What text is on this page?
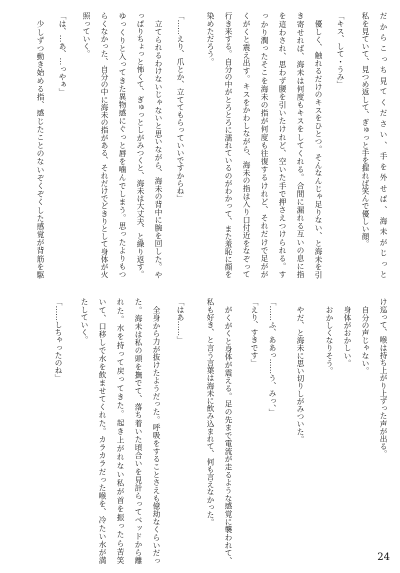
だからこっち見てください、手を外せば、海未がじっと
私を見ていて、見つめ返して、ぎゅっと手を握れば笑んで優しい顔。
「キス、して・うみ」
優しく、触れるだけのキスをひとつ。そんなんじゃ足りない、と海未を引
き寄せれば、海未は何度もキスをしてくれる。合間に漏れる互いの息に指
を這わされ、思わず腰を引いたけれど、空いた手で押さえつけられる。す
っかり潤ったそこを海未の指が何度も往復するけれど、それだけで足がが
くがくと震え出す。キスをかわしながら、海未の指は入り口付近をなぞって
行き来する。自分の中がとろとろに濡れているのがわかって、また羞恥に顔を
染めただろう。
「……えり、爪とか、立ててもらっていいですからね」
立てられるわけないじゃないと思いながら、海未の背中に腕を回した。や
っぱりちょっと怖くて、ぎゅっとしがみつくと、海未は大丈夫、と繰り返す。
ゆっくりと入ってきた異物感にぐっと唇を噛んでしまう。思ったよりもつ
らくなかった、自分の中に海未の指がある、それだけでどきりとして身体が火
照っていく。
「は、…あ、…っやぁ」
少しずつ動き始める指、感じたことのないぞくぞくした感覚が背筋を駆
け巡って、喉は持ち上がり上ずった声が出る。
自分の声じゃない。
身体がおかしい。
おかしくなりそう。
やだ、と海未に思い切りしがみついた。
「……ふ、ああっ……う、みっ、」
「えり、すきです」
がくがくと身体が震える。足の先まで電流が走るような感覚に襲われて、
私も好き、と言う言葉は海未に飲み込まれて、何も言えなかった。
「はあ……」
全身から力が抜けたようだった。呼吸をすることさえも億劫なくらいだっ
た。海未は私の頭を撫でて、落ち着いた頃合いを見計らってベッドから離
れた。水を持って戻ってきた。起き上がれない私が首を振ったら苦笑
いて、口移しで水を飲ませてくれた。カラカラだった喉を、冷たい水が満
たしていく。
「……しちゃったのね」
24
